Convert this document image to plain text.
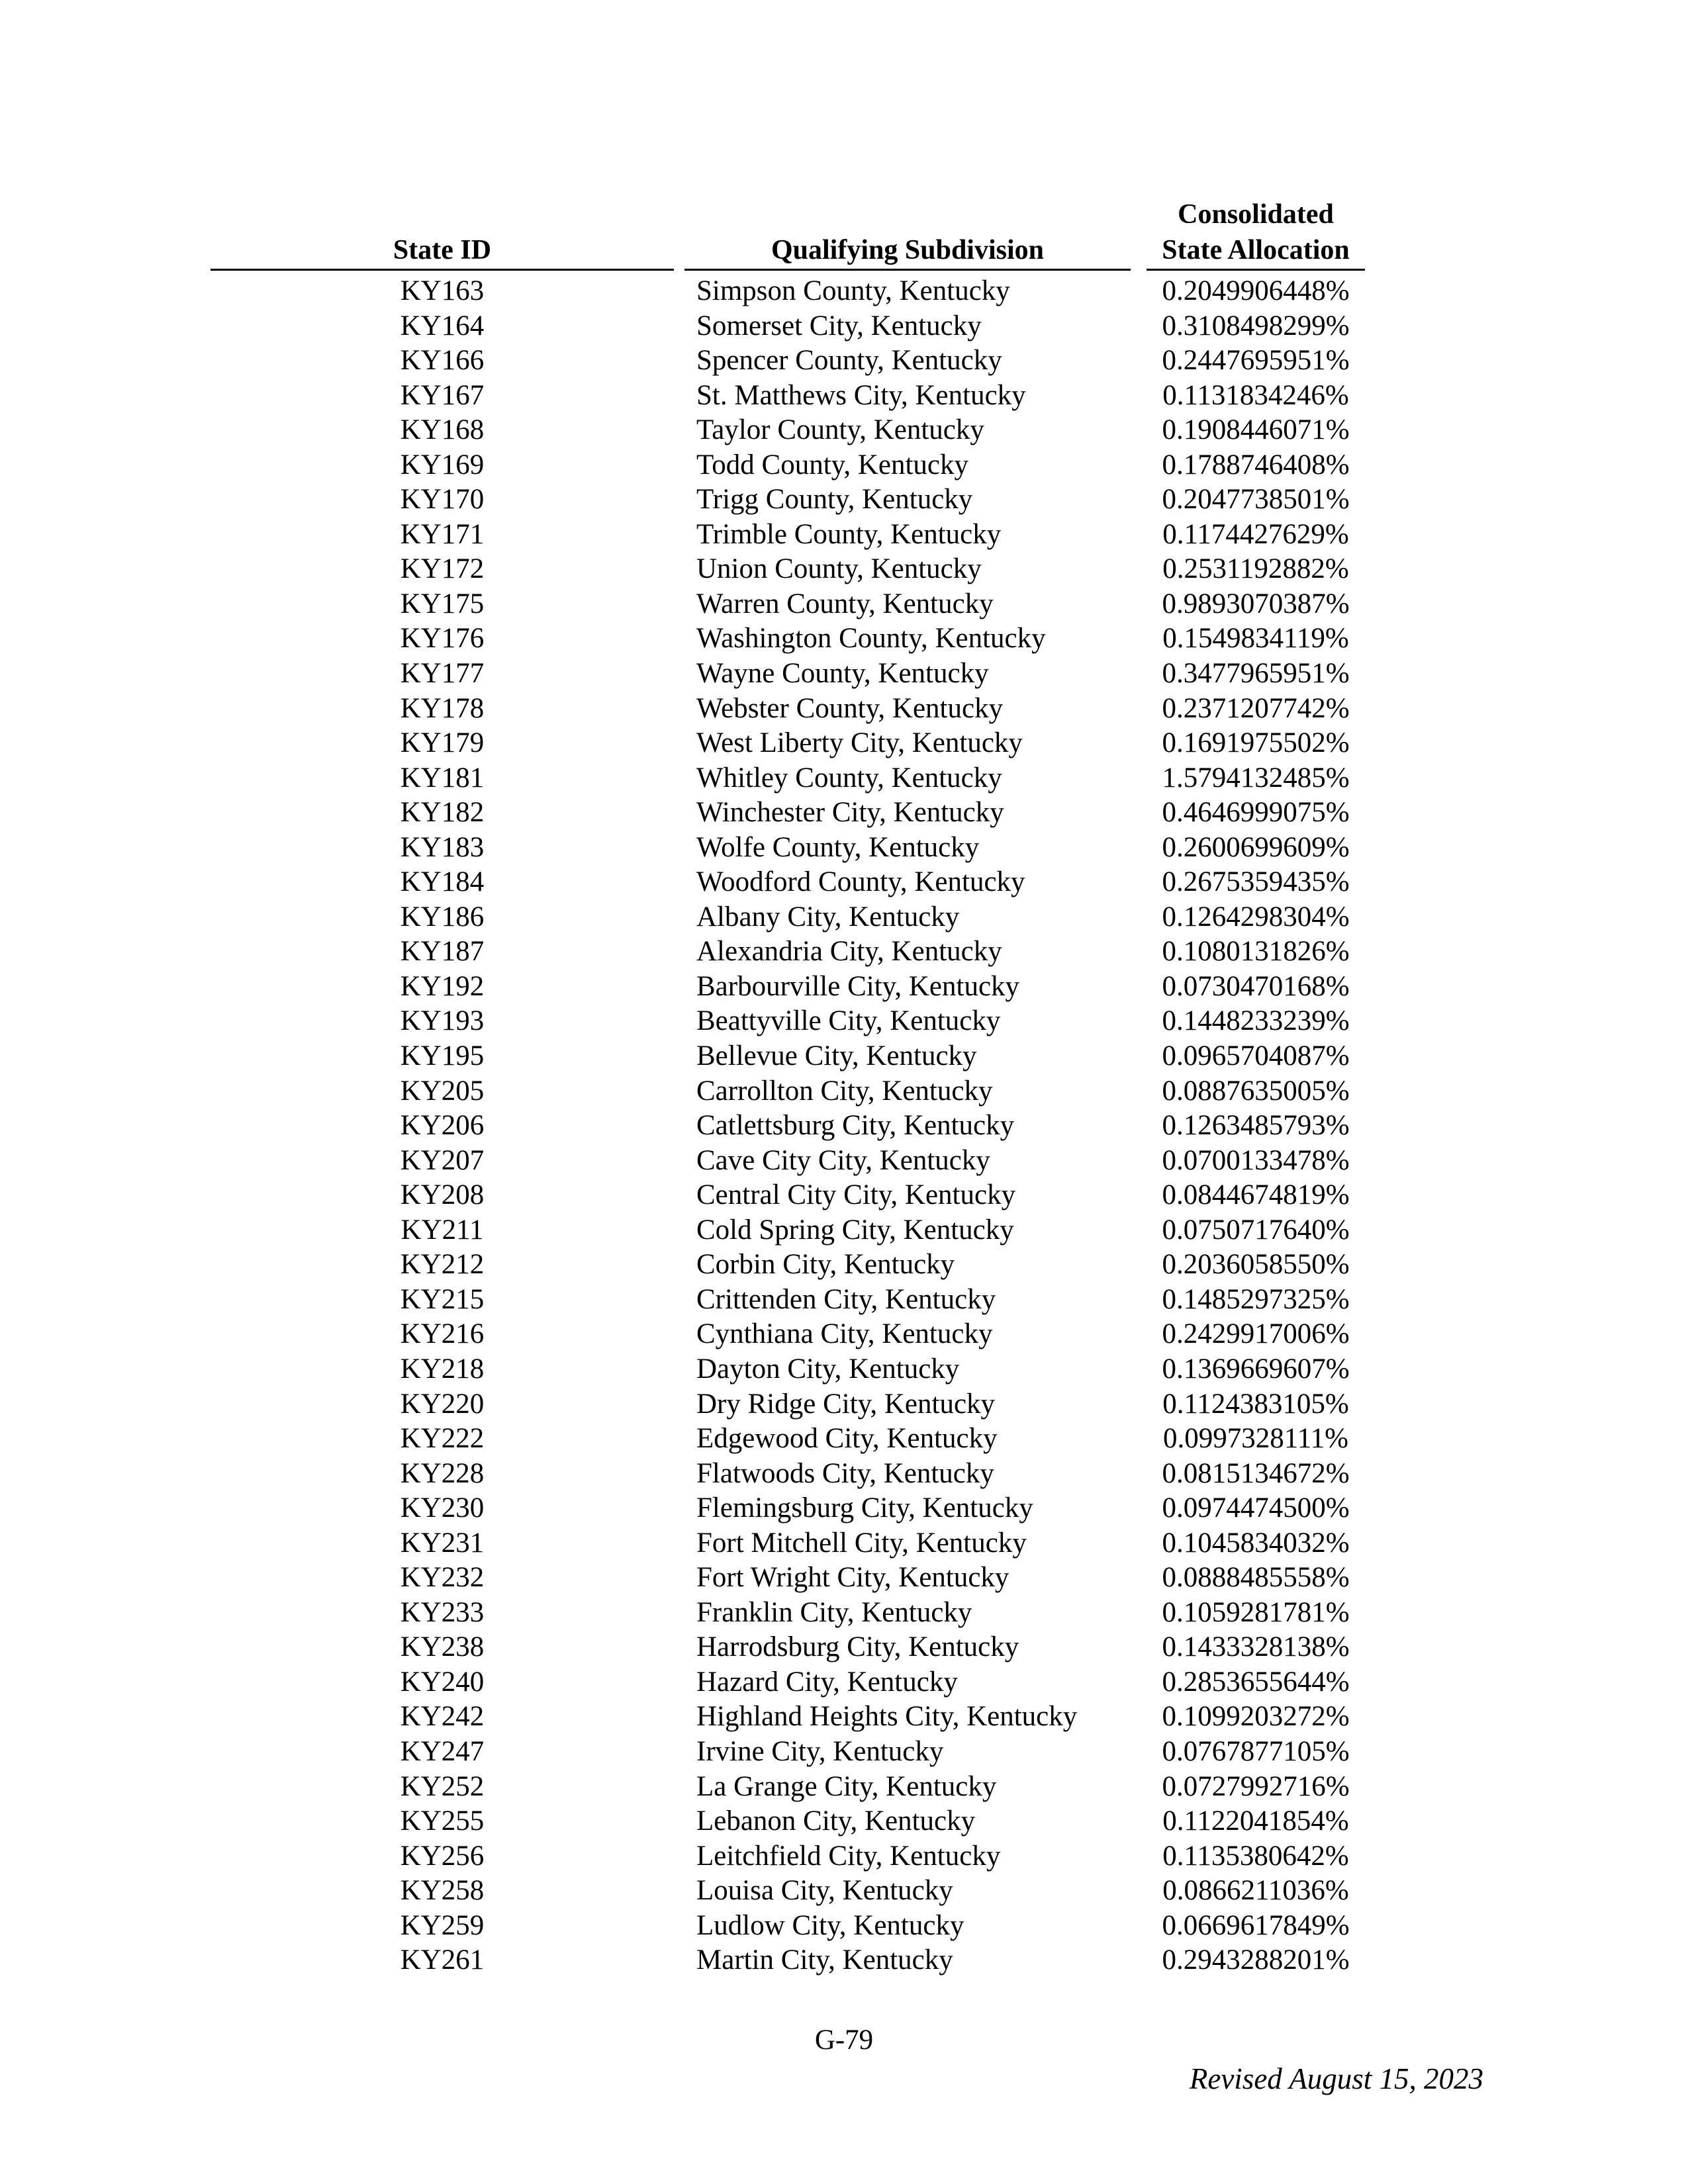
State ID	Qualifying Subdivision
Consolidated
State Allocation
KY163	Simpson County, Kentucky	0.2049906448%
KY164	Somerset City, Kentucky	0.3108498299%
KY166	Spencer County, Kentucky	0.2447695951%
KY167	St. Matthews City, Kentucky	0.1131834246%
KY168	Taylor County, Kentucky	0.1908446071%
KY169	Todd County, Kentucky	0.1788746408%
KY170	Trigg County, Kentucky	0.2047738501%
KY171	Trimble County, Kentucky	0.1174427629%
KY172	Union County, Kentucky	0.2531192882%
KY175	Warren County, Kentucky	0.9893070387%
KY176	Washington County, Kentucky	0.1549834119%
KY177	Wayne County, Kentucky	0.3477965951%
KY178	Webster County, Kentucky	0.2371207742%
KY179	West Liberty City, Kentucky	0.1691975502%
KY181	Whitley County, Kentucky	1.5794132485%
KY182	Winchester City, Kentucky	0.4646999075%
KY183	Wolfe County, Kentucky	0.2600699609%
KY184	Woodford County, Kentucky	0.2675359435%
KY186	Albany City, Kentucky	0.1264298304%
KY187	Alexandria City, Kentucky	0.1080131826%
KY192	Barbourville City, Kentucky	0.0730470168%
KY193	Beattyville City, Kentucky	0.1448233239%
KY195	Bellevue City, Kentucky	0.0965704087%
KY205	Carrollton City, Kentucky	0.0887635005%
KY206	Catlettsburg City, Kentucky	0.1263485793%
KY207	Cave City City, Kentucky	0.0700133478%
KY208	Central City City, Kentucky	0.0844674819%
KY211	Cold Spring City, Kentucky	0.0750717640%
KY212	Corbin City, Kentucky	0.2036058550%
KY215	Crittenden City, Kentucky	0.1485297325%
KY216	Cynthiana City, Kentucky	0.2429917006%
KY218	Dayton City, Kentucky	0.1369669607%
KY220	Dry Ridge City, Kentucky	0.1124383105%
KY222	Edgewood City, Kentucky	0.0997328111%
KY228	Flatwoods City, Kentucky	0.0815134672%
KY230	Flemingsburg City, Kentucky	0.0974474500%
KY231	Fort Mitchell City, Kentucky	0.1045834032%
KY232	Fort Wright City, Kentucky	0.0888485558%
KY233	Franklin City, Kentucky	0.1059281781%
KY238	Harrodsburg City, Kentucky	0.1433328138%
KY240	Hazard City, Kentucky	0.2853655644%
KY242	Highland Heights City, Kentucky	0.1099203272%
KY247	Irvine City, Kentucky	0.0767877105%
KY252	La Grange City, Kentucky	0.0727992716%
KY255	Lebanon City, Kentucky	0.1122041854%
KY256	Leitchfield City, Kentucky	0.1135380642%
KY258	Louisa City, Kentucky	0.0866211036%
KY259	Ludlow City, Kentucky	0.0669617849%
KY261	Martin City, Kentucky	0.2943288201%
G-79
Revised August 15, 2023
